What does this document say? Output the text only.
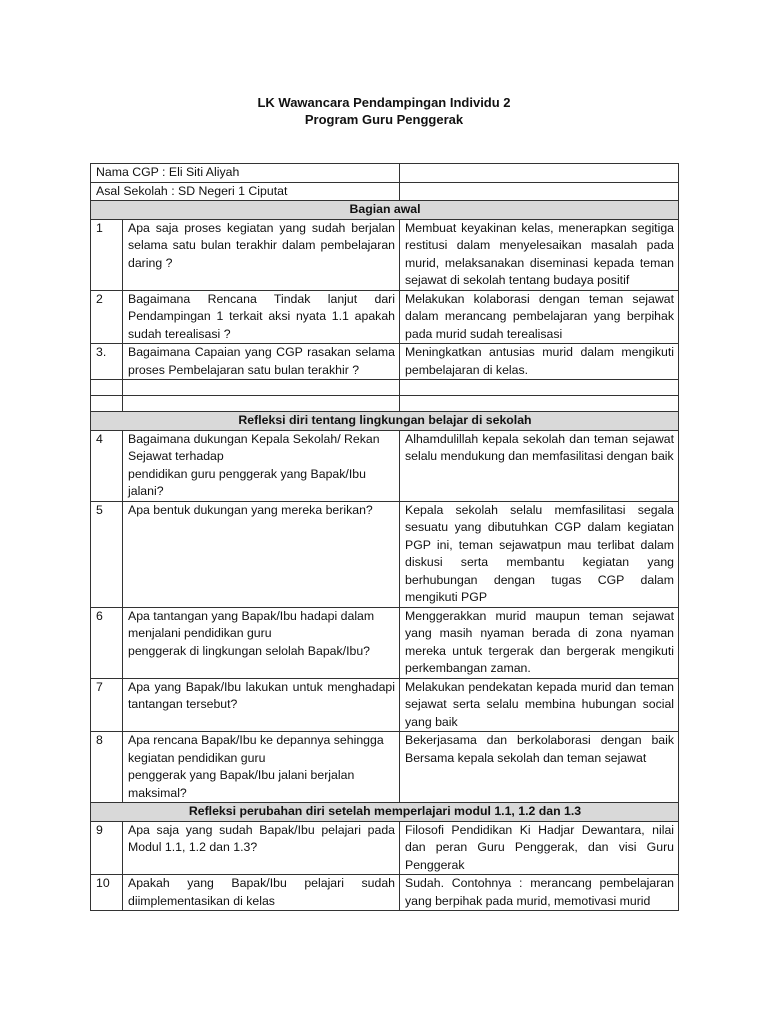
LK Wawancara Pendampingan Individu 2
Program Guru Penggerak
Nama CGP : Eli Siti Aliyah		
Asal Sekolah : SD Negeri 1 Ciputat		
Bagian awal		
1	Apa saja proses kegiatan yang sudah berjalan selama satu bulan terakhir dalam pembelajaran daring ?	Membuat keyakinan kelas, menerapkan segitiga restitusi dalam menyelesaikan masalah pada murid, melaksanakan diseminasi kepada teman sejawat di sekolah tentang budaya positif
2	Bagaimana Rencana Tindak lanjut dari Pendampingan 1 terkait aksi nyata 1.1 apakah sudah terealisasi ?	Melakukan kolaborasi dengan teman sejawat dalam merancang pembelajaran yang berpihak pada murid sudah terealisasi
3.	Bagaimana Capaian yang CGP rasakan selama proses Pembelajaran satu bulan terakhir ?	Meningkatkan antusias murid dalam mengikuti pembelajaran di kelas.

Refleksi diri tentang lingkungan belajar di sekolah		
4	Bagaimana dukungan Kepala Sekolah/ Rekan Sejawat terhadap
pendidikan guru penggerak yang Bapak/Ibu jalani?	Alhamdulillah kepala sekolah dan teman sejawat selalu mendukung dan memfasilitasi dengan baik
5	Apa bentuk dukungan yang mereka berikan?	Kepala sekolah selalu memfasilitasi segala sesuatu yang dibutuhkan CGP dalam kegiatan PGP ini, teman sejawatpun mau terlibat dalam diskusi serta membantu kegiatan yang berhubungan dengan tugas CGP dalam mengikuti PGP
6	Apa tantangan yang Bapak/Ibu hadapi dalam menjalani pendidikan guru
penggerak di lingkungan selolah Bapak/Ibu?	Menggerakkan murid maupun teman sejawat yang masih nyaman berada di zona nyaman mereka untuk tergerak dan bergerak mengikuti perkembangan zaman.
7	Apa yang Bapak/Ibu lakukan untuk menghadapi tantangan tersebut?	Melakukan pendekatan kepada murid dan teman sejawat serta selalu membina hubungan social yang baik
8	Apa rencana Bapak/Ibu ke depannya sehingga kegiatan pendidikan guru
penggerak yang Bapak/Ibu jalani berjalan maksimal?	Bekerjasama dan berkolaborasi dengan baik Bersama kepala sekolah dan teman sejawat
Refleksi perubahan diri setelah memperlajari modul 1.1, 1.2 dan 1.3		
9	Apa saja yang sudah Bapak/Ibu pelajari pada Modul 1.1, 1.2 dan 1.3?	Filosofi Pendidikan Ki Hadjar Dewantara, nilai dan peran Guru Penggerak, dan visi Guru Penggerak
10	Apakah yang Bapak/Ibu pelajari sudah diimplementasikan di kelas	Sudah. Contohnya : merancang pembelajaran yang berpihak pada murid, memotivasi murid
